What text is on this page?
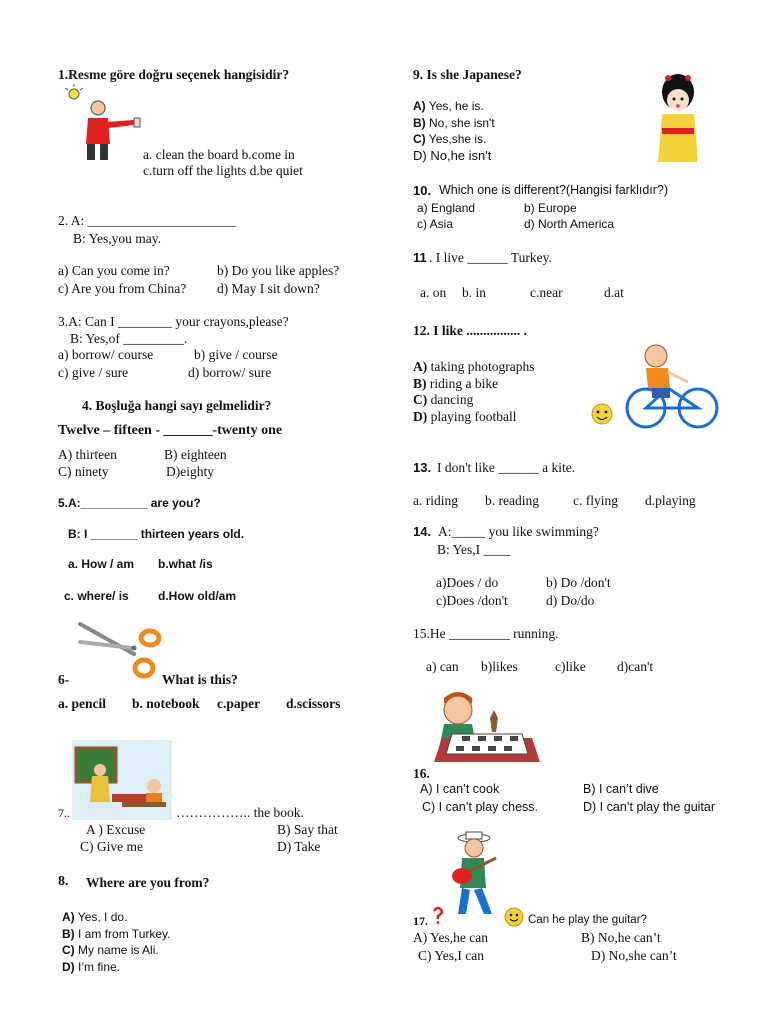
1.Resme göre doğru seçenek hangisidir?
a. clean the board b.come in
c.turn off the lights d.be quiet
2. A: ______________________
B: Yes,you may.
a) Can you come in?	b) Do you like apples?
c) Are you from China? d) May I sit down?
3.A: Can I ________ your crayons,please?
B: Yes,of _________.
a) borrow/ course	b) give / course
c) give / sure	d) borrow/ sure
4. Boşluğa hangi sayı gelmelidir?
Twelve – fifteen - _______-twenty one
A) thirteen	B) eighteen
C) ninety	D)eighty
5.A:__________ are you?
B: I _______ thirteen years old.
a. How / am b.what /is
c. where/ is d.How old/am
6-	What is this?
a. pencil b. notebook c.paper d.scissors
7..	…………….. the book.
A ) Excuse	B) Say that
C) Give me	D) Take
8. Where are you from?
A) Yes, I do.
B) I am from Turkey.
C) My name is Ali.
D) I’m fine.
9. Is she Japanese?
A) Yes, he is.
B) No, she isn't
C) Yes,she is.
D) No,he isn't
10. Which one is different?(Hangisi farklıdır?)
a) England	b) Europe
c) Asia	d) North America
11 . I live ______ Turkey.
a. on b. in	c.near	d.at
12. I like ................ .
A) taking photographs
B) riding a bike
C) dancing
D) playing football
13. I don't like ______ a kite.
a. riding b. reading	c. flying d.playing
14. A:_____ you like swimming?
B: Yes,I ____
a)Does / do	b) Do /don't
c)Does /don't	d) Do/do
15.He _________ running.
a) can b)likes	c)like d)can't
16.
A) I can’t cook	B) I can’t dive
C) I can’t play chess.	D) I can’t play the guitar
17.	Can he play the guitar?
A) Yes,he can	B) No,he can’t
C) Yes,I can	D) No,she can’t
